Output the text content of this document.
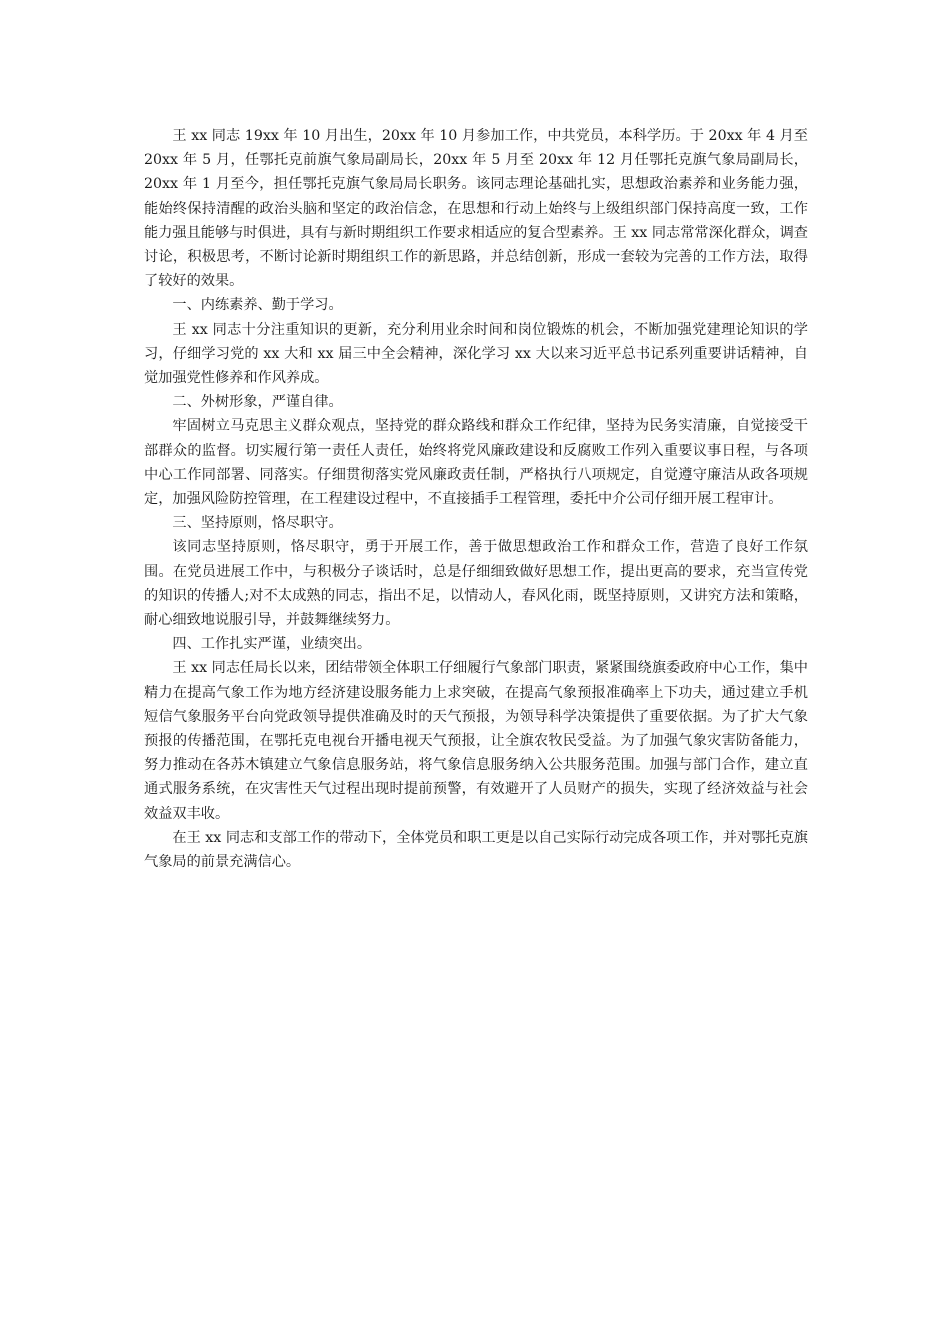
王 xx 同志 19xx 年 10 月出生，20xx 年 10 月参加工作，中共党员，本科学历。于 20xx 年 4 月至 20xx 年 5 月，任鄂托克前旗气象局副局长，20xx 年 5 月至 20xx 年 12 月任鄂托克旗气象局副局长，20xx 年 1 月至今，担任鄂托克旗气象局局长职务。该同志理论基础扎实，思想政治素养和业务能力强，能始终保持清醒的政治头脑和坚定的政治信念，在思想和行动上始终与上级组织部门保持高度一致，工作能力强且能够与时俱进，具有与新时期组织工作要求相适应的复合型素养。王 xx 同志常常深化群众，调查讨论，积极思考，不断讨论新时期组织工作的新思路，并总结创新，形成一套较为完善的工作方法，取得了较好的效果。

一、内练素养、勤于学习。

王 xx 同志十分注重知识的更新，充分利用业余时间和岗位锻炼的机会，不断加强党建理论知识的学习，仔细学习党的 xx 大和 xx 届三中全会精神，深化学习 xx 大以来习近平总书记系列重要讲话精神，自觉加强党性修养和作风养成。

二、外树形象，严谨自律。

牢固树立马克思主义群众观点，坚持党的群众路线和群众工作纪律，坚持为民务实清廉，自觉接受干部群众的监督。切实履行第一责任人责任，始终将党风廉政建设和反腐败工作列入重要议事日程，与各项中心工作同部署、同落实。仔细贯彻落实党风廉政责任制，严格执行八项规定，自觉遵守廉洁从政各项规定，加强风险防控管理，在工程建设过程中，不直接插手工程管理，委托中介公司仔细开展工程审计。

三、坚持原则，恪尽职守。

该同志坚持原则，恪尽职守，勇于开展工作，善于做思想政治工作和群众工作，营造了良好工作氛围。在党员进展工作中，与积极分子谈话时，总是仔细细致做好思想工作，提出更高的要求，充当宣传党的知识的传播人;对不太成熟的同志，指出不足，以情动人，春风化雨，既坚持原则，又讲究方法和策略，耐心细致地说服引导，并鼓舞继续努力。

四、工作扎实严谨，业绩突出。

王 xx 同志任局长以来，团结带领全体职工仔细履行气象部门职责，紧紧围绕旗委政府中心工作，集中精力在提高气象工作为地方经济建设服务能力上求突破，在提高气象预报准确率上下功夫，通过建立手机短信气象服务平台向党政领导提供准确及时的天气预报，为领导科学决策提供了重要依据。为了扩大气象预报的传播范围，在鄂托克电视台开播电视天气预报，让全旗农牧民受益。为了加强气象灾害防备能力，努力推动在各苏木镇建立气象信息服务站，将气象信息服务纳入公共服务范围。加强与部门合作，建立直通式服务系统，在灾害性天气过程出现时提前预警，有效避开了人员财产的损失，实现了经济效益与社会效益双丰收。

在王 xx 同志和支部工作的带动下，全体党员和职工更是以自己实际行动完成各项工作，并对鄂托克旗气象局的前景充满信心。
